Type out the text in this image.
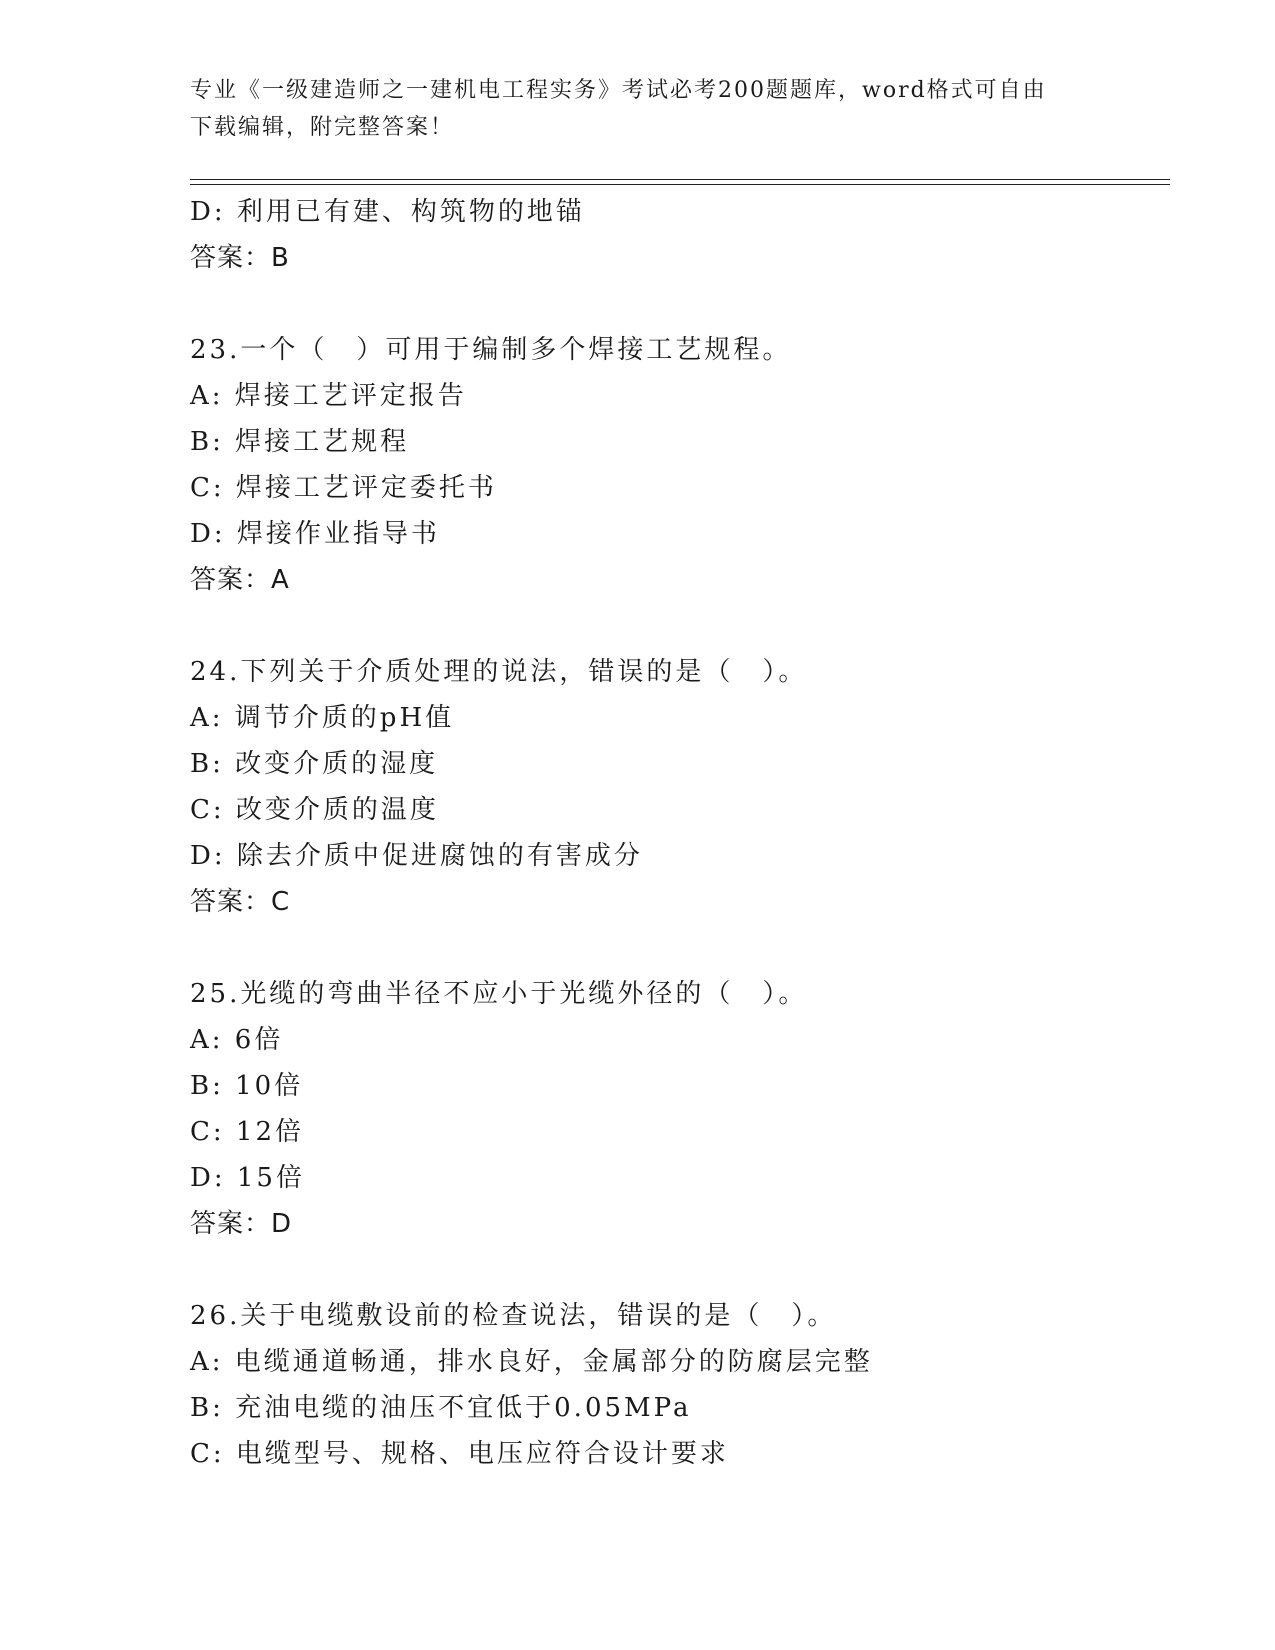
专业《一级建造师之一建机电工程实务》考试必考200题题库，word格式可自由
下载编辑，附完整答案！
D: 利用已有建、构筑物的地锚
答案：B
23.一个（　）可用于编制多个焊接工艺规程。
A: 焊接工艺评定报告
B: 焊接工艺规程
C: 焊接工艺评定委托书
D: 焊接作业指导书
答案：A
24.下列关于介质处理的说法，错误的是（　）。
A: 调节介质的pH值
B: 改变介质的湿度
C: 改变介质的温度
D: 除去介质中促进腐蚀的有害成分
答案：C
25.光缆的弯曲半径不应小于光缆外径的（　）。
A: 6倍
B: 10倍
C: 12倍
D: 15倍
答案：D
26.关于电缆敷设前的检查说法，错误的是（　）。
A: 电缆通道畅通，排水良好，金属部分的防腐层完整
B: 充油电缆的油压不宜低于0.05MPa
C: 电缆型号、规格、电压应符合设计要求
